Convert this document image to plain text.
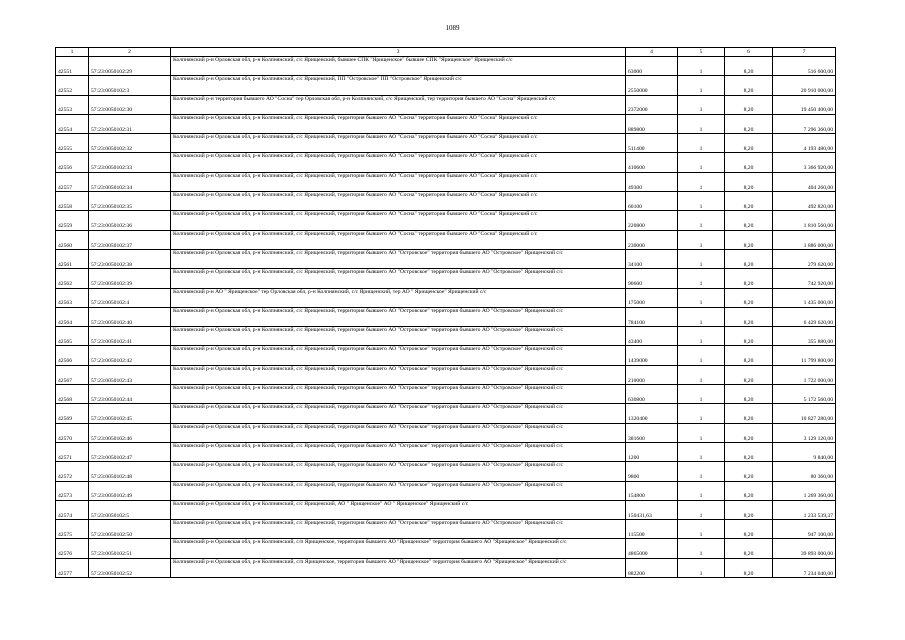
1089
1	2	3	4	5	6	7
42551	57:23:0050102:29	Колпнянский р-н Орловская обл, р-н Колпнянский, с/с Ярищенский, бывшее СПК "Ярищенское" бывшее СПК "Ярищенское" Ярищенский с/с	63000	1	8,20	516 600,00
42552	57:23:0050102:3	Колпнянский р-н Орловская обл, р-н Колпнянский, с/с Ярищенский, ПП "Островское" ПП "Островское" Ярищенский с/с	2550000	1	8,20	20 910 000,00
42553	57:23:0050102:30	Колпнянский р-н территория бывшего АО "Сосна" тер Орловская обл, р-н Колпнянский, с/с Ярищенский, тер территория бывшего АО "Сосна" Ярищенский с/с	2372000	1	8,20	19 450 400,00
42554	57:23:0050102:31	Колпнянский р-н Орловская обл, р-н Колпнянский, с/с Ярищенский, территория бывшего АО "Сосна" территория бывшего АО "Сосна" Ярищенский с/с	889800	1	8,20	7 296 360,00
42555	57:23:0050102:32	Колпнянский р-н Орловская обл, р-н Колпнянский, с/с Ярищенский, территория бывшего АО "Сосна" территория бывшего АО "Сосна" Ярищенский с/с	511400	1	8,20	4 193 480,00
42556	57:23:0050102:33	Колпнянский р-н Орловская обл, р-н Колпнянский, с/с Ярищенский, территория бывшего АО "Сосна" территория бывшего АО "Сосна" Ярищенский с/с	410600	1	8,20	3 366 920,00
42557	57:23:0050102:34	Колпнянский р-н Орловская обл, р-н Колпнянский, с/с Ярищенский, территория бывшего АО "Сосна" территория бывшего АО "Сосна" Ярищенский с/с	49300	1	8,20	404 260,00
42558	57:23:0050102:35	Колпнянский р-н Орловская обл, р-н Колпнянский, с/с Ярищенский, территория бывшего АО "Сосна" территория бывшего АО "Сосна" Ярищенский с/с	60100	1	8,20	492 820,00
42559	57:23:0050102:36	Колпнянский р-н Орловская обл, р-н Колпнянский, с/с Ярищенский, территория бывшего АО "Сосна" территория бывшего АО "Сосна" Ярищенский с/с	220800	1	8,20	1 810 560,00
42560	57:23:0050102:37	Колпнянский р-н Орловская обл, р-н Колпнянский, с/с Ярищенский, территория бывшего АО "Сосна" территория бывшего АО "Сосна" Ярищенский с/с	230000	1	8,20	1 886 000,00
42561	57:23:0050102:38	Колпнянский р-н Орловская обл, р-н Колпнянский, с/с Ярищенский, территория бывшего АО "Островское" территория бывшего АО "Островское" Ярищенский с/с	34100	1	8,20	279 620,00
42562	57:23:0050102:39	Колпнянский р-н Орловская обл, р-н Колпнянский, с/с Ярищенский, территория бывшего АО "Островское" территория бывшего АО "Островское" Ярищенский с/с	90600	1	8,20	742 920,00
42563	57:23:0050102:4	Колпнянский р-н АО " Ярищенское" тер Орловская обл, р-н Колпнянский, с/с Ярищенский, тер АО " Ярищенское" Ярищенский с/с	175000	1	8,20	1 435 000,00
42564	57:23:0050102:40	Колпнянский р-н Орловская обл, р-н Колпнянский, с/с Ярищенский, территория бывшего АО "Островское" территория бывшего АО "Островское" Ярищенский с/с	784100	1	8,20	6 429 620,00
42565	57:23:0050102:41	Колпнянский р-н Орловская обл, р-н Колпнянский, с/с Ярищенский, территория бывшего АО "Островское" территория бывшего АО "Островское" Ярищенский с/с	43400	1	8,20	355 880,00
42566	57:23:0050102:42	Колпнянский р-н Орловская обл, р-н Колпнянский, с/с Ярищенский, территория бывшего АО "Островское" территория бывшего АО "Островское" Ярищенский с/с	1439000	1	8,20	11 799 800,00
42567	57:23:0050102:43	Колпнянский р-н Орловская обл, р-н Колпнянский, с/с Ярищенский, территория бывшего АО "Островское" территория бывшего АО "Островское" Ярищенский с/с	210000	1	8,20	1 722 000,00
42568	57:23:0050102:44	Колпнянский р-н Орловская обл, р-н Колпнянский, с/с Ярищенский, территория бывшего АО "Островское" территория бывшего АО "Островское" Ярищенский с/с	630800	1	8,20	5 172 560,00
42569	57:23:0050102:45	Колпнянский р-н Орловская обл, р-н Колпнянский, с/с Ярищенский, территория бывшего АО "Островское" территория бывшего АО "Островское" Ярищенский с/с	1320400	1	8,20	10 827 280,00
42570	57:23:0050102:46	Колпнянский р-н Орловская обл, р-н Колпнянский, с/с Ярищенский, территория бывшего АО "Островское" территория бывшего АО "Островское" Ярищенский с/с	381600	1	8,20	3 129 120,00
42571	57:23:0050102:47	Колпнянский р-н Орловская обл, р-н Колпнянский, с/с Ярищенский, территория бывшего АО "Островское" территория бывшего АО "Островское" Ярищенский с/с	1200	1	8,20	9 840,00
42572	57:23:0050102:48	Колпнянский р-н Орловская обл, р-н Колпнянский, с/с Ярищенский, территория бывшего АО "Островское" территория бывшего АО "Островское" Ярищенский с/с	9800	1	8,20	80 360,00
42573	57:23:0050102:49	Колпнянский р-н Орловская обл, р-н Колпнянский, с/с Ярищенский, территория бывшего АО "Островское" территория бывшего АО "Островское" Ярищенский с/с	154800	1	8,20	1 269 360,00
42574	57:23:0050102:5	Колпнянский р-н Орловская обл, р-н Колпнянский, с/с Ярищенский, АО " Ярищенское" АО " Ярищенское" Ярищенский с/с	150431,63	1	8,20	1 233 539,37
42575	57:23:0050102:50	Колпнянский р-н Орловская обл, р-н Колпнянский, с/с Ярищенский, территория бывшего АО "Островское" территория бывшего АО "Островское" Ярищенский с/с	115500	1	8,20	947 100,00
42576	57:23:0050102:51	Колпнянский р-н Орловская обл, р-н Колпнянский, с/п Ярищенское, территория бывшего АО "Ярищенское" территория бывшего АО "Ярищенское" Ярищенский с/с	4865000	1	8,20	39 893 000,00
42577	57:23:0050102:52	Колпнянский р-н Орловская обл, р-н Колпнянский, с/п Ярищенское, территория бывшего АО "Ярищенское" территория бывшего АО "Ярищенское" Ярищенский с/с	882200	1	8,20	7 234 040,00
